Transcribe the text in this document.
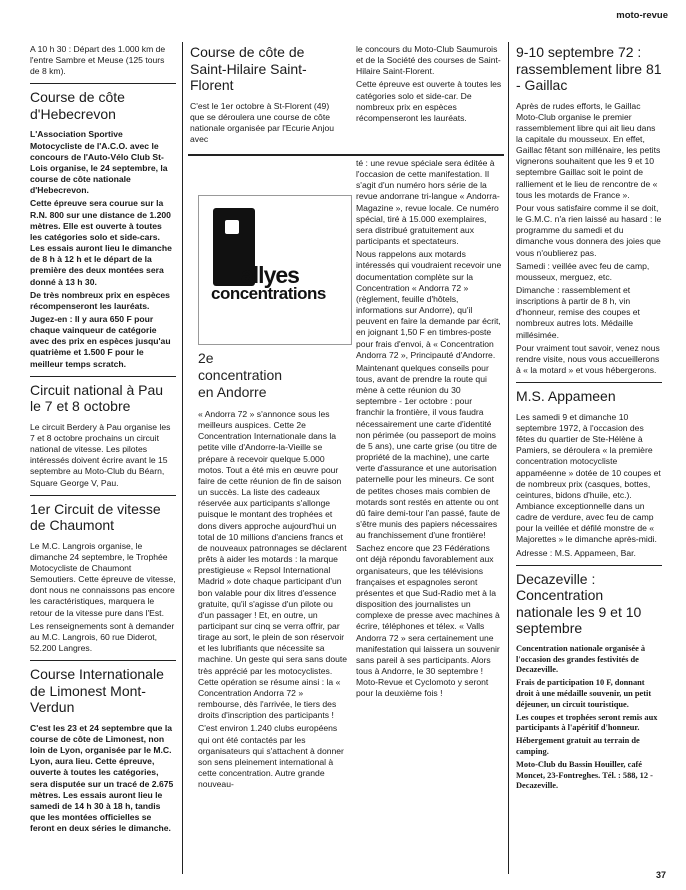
moto-revue

A 10 h 30 : Départ des 1.000 km de l'entre Sambre et Meuse (125 tours de 8 km).

Course de côte d'Hebecrevon

L'Association Sportive Motocycliste de l'A.C.O. avec le concours de l'Auto-Vélo Club St-Lois organise, le 24 septembre, la course de côte nationale d'Hebecrevon.

Cette épreuve sera courue sur la R.N. 800 sur une distance de 1.200 mètres. Elle est ouverte à toutes les catégories solo et side-cars. Les essais auront lieu le dimanche de 8 h à 12 h et le départ de la première des deux montées sera donné à 13 h 30.

De très nombreux prix en espèces récompenseront les lauréats.

Jugez-en : Il y aura 650 F pour chaque vainqueur de catégorie avec des prix en espèces jusqu'au quatrième et 1.500 F pour le meilleur temps scratch.

Circuit national à Pau le 7 et 8 octobre

Le circuit Berdery à Pau organise les 7 et 8 octobre prochains un circuit national de vitesse. Les pilotes intéressés doivent écrire avant le 15 septembre au Moto-Club du Béarn, Square George V, Pau.

1er Circuit de vitesse de Chaumont

Le M.C. Langrois organise, le dimanche 24 septembre, le Trophée Motocycliste de Chaumont Semoutiers. Cette épreuve de vitesse, dont nous ne connaissons pas encore les caractéristiques, marquera le retour de la vitesse pure dans l'Est.

Les renseignements sont à demander au M.C. Langrois, 60 rue Diderot, 52.200 Langres.

Course Internationale de Limonest Mont-Verdun

C'est les 23 et 24 septembre que la course de côte de Limonest, non loin de Lyon, organisée par le M.C. Lyon, aura lieu. Cette épreuve, ouverte à toutes les catégories, sera disputée sur un tracé de 2.675 mètres. Les essais auront lieu le samedi de 14 h 30 à 18 h, tandis que les montées officielles se feront en deux séries le dimanche.

Course de côte de Saint-Hilaire Saint-Florent

C'est le 1er octobre à St-Florent (49) que se déroulera une course de côte nationale organisée par l'Ecurie Anjou avec

le concours du Moto-Club Saumurois et de la Société des courses de Saint-Hilaire Saint-Florent.

Cette épreuve est ouverte à toutes les catégories solo et side-car. De nombreux prix en espèces récompenseront les lauréats.

allyes
concentrations
2e
concentration
en Andorre

« Andorra 72 » s'annonce sous les meilleurs auspices. Cette 2e Concentration Internationale dans la petite ville d'Andorre-la-Vieille se prépare à recevoir quelque 5.000 motos. Tout a été mis en œuvre pour faire de cette réunion de fin de saison un succès. La liste des cadeaux réservée aux participants s'allonge puisque le montant des trophées et dons divers approche aujourd'hui un total de 10 millions d'anciens francs et de nouveaux patronnages se déclarent prêts à aider les motards : la marque prestigieuse « Repsol International Madrid » dote chaque participant d'un bon valable pour dix litres d'essence gratuite, qu'il s'agisse d'un pilote ou d'un passager ! Et, en outre, un participant sur cinq se verra offrir, par tirage au sort, le plein de son réservoir et les lubrifiants que nécessite sa machine. Un geste qui sera sans doute très apprécié par les motocyclistes. Cette opération se résume ainsi : la « Concentration Andorra 72 » rembourse, dès l'arrivée, le tiers des droits d'inscription des participants !

C'est environ 1.240 clubs européens qui ont été contactés par les organisateurs qui s'attachent à donner son sens pleinement international à cette concentration. Autre grande nouveau-

té : une revue spéciale sera éditée à l'occasion de cette manifestation. Il s'agit d'un numéro hors série de la revue andorrane tri-langue « Andorra-Magazine », revue locale. Ce numéro spécial, tiré à 15.000 exemplaires, sera distribué gratuitement aux participants et spectateurs.

Nous rappelons aux motards intéressés qui voudraient recevoir une documentation complète sur la Concentration « Andorra 72 » (règlement, feuille d'hôtels, informations sur Andorre), qu'il peuvent en faire la demande par écrit, en joignant 1,50 F en timbres-poste pour frais d'envoi, à « Concentration Andorra 72 », Principauté d'Andorre.

Maintenant quelques conseils pour tous, avant de prendre la route qui mène à cette réunion du 30 septembre - 1er octobre : pour franchir la frontière, il vous faudra nécessairement une carte d'identité non périmée (ou passeport de moins de 5 ans), une carte grise (ou titre de propriété de la machine), une carte verte d'assurance et une autorisation paternelle pour les mineurs. Ce sont de petites choses mais combien de motards sont restés en attente ou ont dû faire demi-tour l'an passé, faute de s'être munis des papiers nécessaires au franchissement d'une frontière!

Sachez encore que 23 Fédérations ont déjà répondu favorablement aux organisateurs, que les télévisions françaises et espagnoles seront présentes et que Sud-Radio met à la disposition des journalistes un complexe de presse avec machines à écrire, téléphones et télex. « Valls Andorra 72 » sera certainement une manifestation qui laissera un souvenir sans pareil à ses participants. Alors tous à Andorre, le 30 septembre ! Moto-Revue et Cyclomoto y seront pour la deuxième fois !

9-10 septembre 72 : rassemblement libre 81 - Gaillac

Après de rudes efforts, le Gaillac Moto-Club organise le premier rassemblement libre qui ait lieu dans la capitale du mousseux. En effet, Gaillac fêtant son millénaire, les petits vignerons souhaitent que les 9 et 10 septembre Gaillac soit le point de ralliement et le lieu de rencontre de « tous les motards de France ».

Pour vous satisfaire comme il se doit, le G.M.C. n'a rien laissé au hasard : le programme du samedi et du dimanche vous donnera des joies que vous n'oublierez pas.

Samedi : veillée avec feu de camp, mousseux, merguez, etc.

Dimanche : rassemblement et inscriptions à partir de 8 h, vin d'honneur, remise des coupes et nombreux autres lots. Médaille millésimée.

Pour vraiment tout savoir, venez nous rendre visite, nous vous accueillerons à « la motard » et vous hébergerons.

M.S. Appameen

Les samedi 9 et dimanche 10 septembre 1972, à l'occasion des fêtes du quartier de Ste-Hélène à Pamiers, se déroulera « la première concentration motocycliste appaméenne » dotée de 10 coupes et de nombreux prix (casques, bottes, ceintures, bidons d'huile, etc.). Ambiance exceptionnelle dans un cadre de verdure, avec feu de camp pour la veillée et défilé monstre de « Majorettes » le dimanche après-midi.

Adresse : M.S. Appameen, Bar.

Decazeville : Concentration nationale les 9 et 10 septembre

Concentration nationale organisée à l'occasion des grandes festivités de Decazeville.

Frais de participation 10 F, donnant droit à une médaille souvenir, un petit déjeuner, un circuit touristique.

Les coupes et trophées seront remis aux participants à l'apéritif d'honneur.

Hébergement gratuit au terrain de camping.

Moto-Club du Bassin Houiller, café Moncet, 23-Fontreghes. Tél. : 588, 12 - Decazeville.

37
